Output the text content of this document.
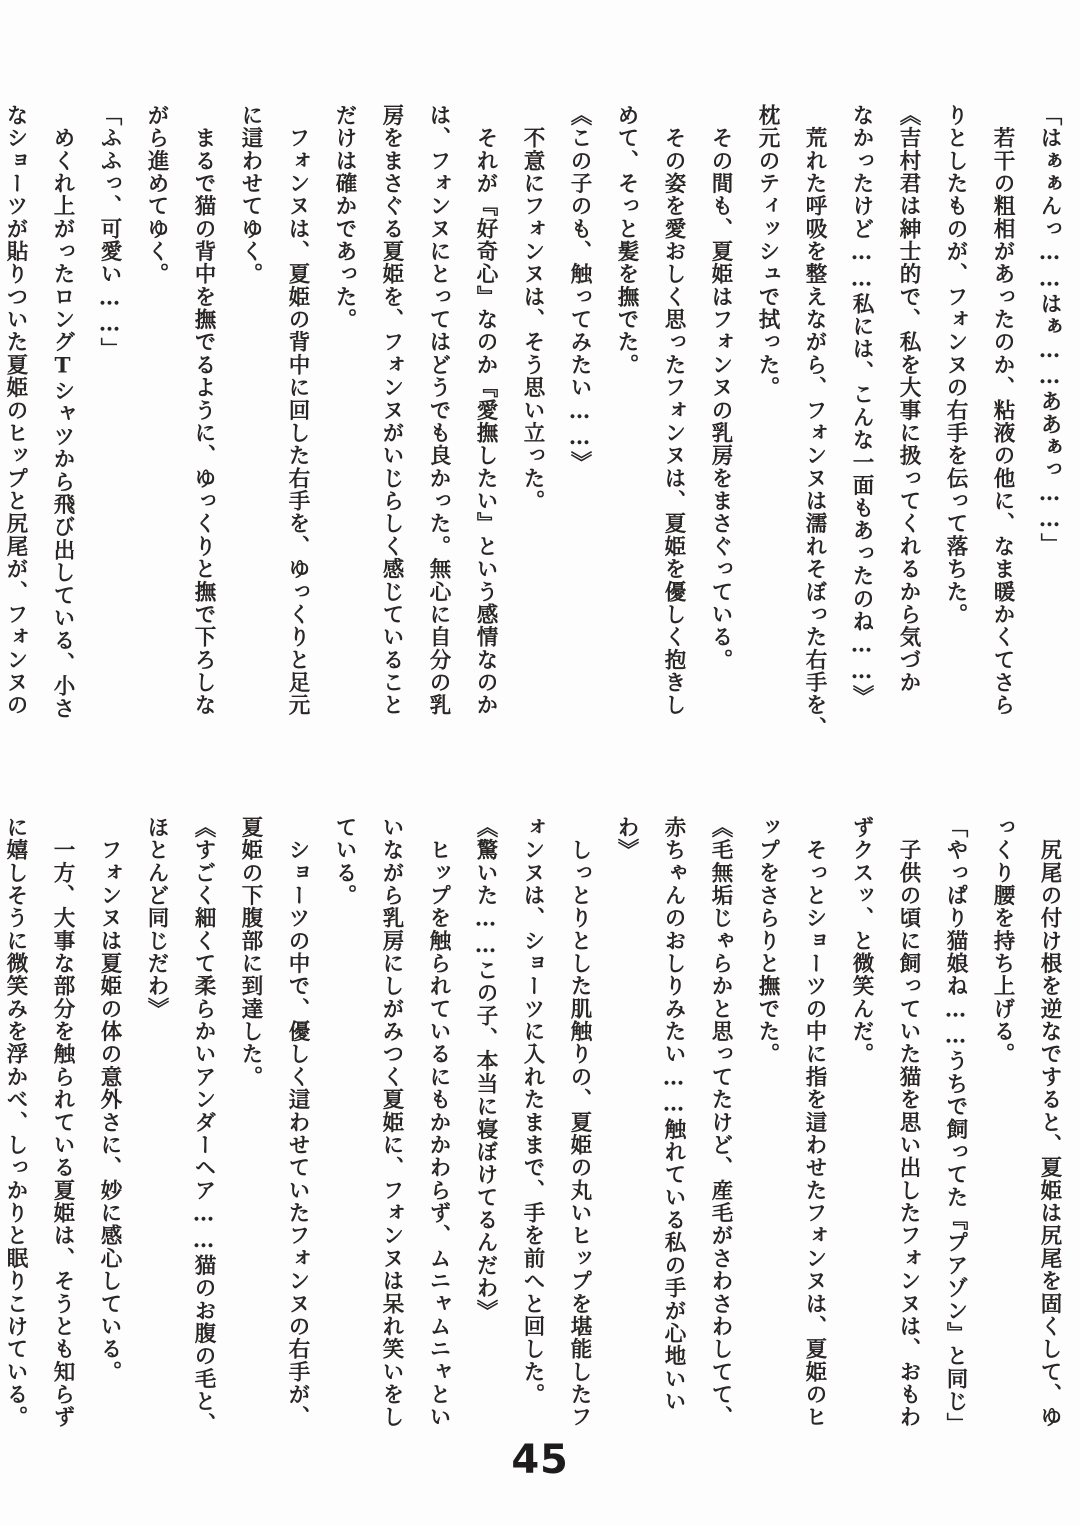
「はぁぁんっ……はぁ……ああぁっ……」
　若干の粗相があったのか、粘液の他に、なま暖かくてさら
りとしたものが、フォンヌの右手を伝って落ちた。
《吉村君は紳士的で、私を大事に扱ってくれるから気づか
なかったけど……私には、こんな一面もあったのね……》
　荒れた呼吸を整えながら、フォンヌは濡れそぼった右手を、
枕元のティッシュで拭った。
　その間も、夏姫はフォンヌの乳房をまさぐっている。
　その姿を愛おしく思ったフォンヌは、夏姫を優しく抱きし
めて、そっと髪を撫でた。
《この子のも、触ってみたい……》
　不意にフォンヌは、そう思い立った。
　それが『好奇心』なのか『愛撫したい』という感情なのか
は、フォンヌにとってはどうでも良かった。無心に自分の乳
房をまさぐる夏姫を、フォンヌがいじらしく感じていること
だけは確かであった。
　フォンヌは、夏姫の背中に回した右手を、ゆっくりと足元
に這わせてゆく。
　まるで猫の背中を撫でるように、ゆっくりと撫で下ろしな
がら進めてゆく。
「ふふっ、可愛い……」
　めくれ上がったロングTシャツから飛び出している、小さ
なショーツが貼りついた夏姫のヒップと尻尾が、フォンヌの
　尻尾の付け根を逆なですると、夏姫は尻尾を固くして、ゆ
っくり腰を持ち上げる。
「やっぱり猫娘ね……うちで飼ってた『プアゾン』と同じ」
　子供の頃に飼っていた猫を思い出したフォンヌは、おもわ
ずクスッ、と微笑んだ。
　そっとショーツの中に指を這わせたフォンヌは、夏姫のヒ
ップをさらりと撫でた。
《毛無垢じゃらかと思ってたけど、産毛がさわさわしてて、
赤ちゃんのおしりみたい……触れている私の手が心地いい
わ》
　しっとりとした肌触りの、夏姫の丸いヒップを堪能したフ
ォンヌは、ショーツに入れたままで、手を前へと回した。
《驚いた……この子、本当に寝ぼけてるんだわ》
　ヒップを触られているにもかかわらず、ムニャムニャとい
いながら乳房にしがみつく夏姫に、フォンヌは呆れ笑いをし
ている。
　ショーツの中で、優しく這わせていたフォンヌの右手が、
夏姫の下腹部に到達した。
《すごく細くて柔らかいアンダーヘア……猫のお腹の毛と、
ほとんど同じだわ》
　フォンヌは夏姫の体の意外さに、妙に感心している。
　一方、大事な部分を触られている夏姫は、そうとも知らず
に嬉しそうに微笑みを浮かべ、しっかりと眠りこけている。
45
